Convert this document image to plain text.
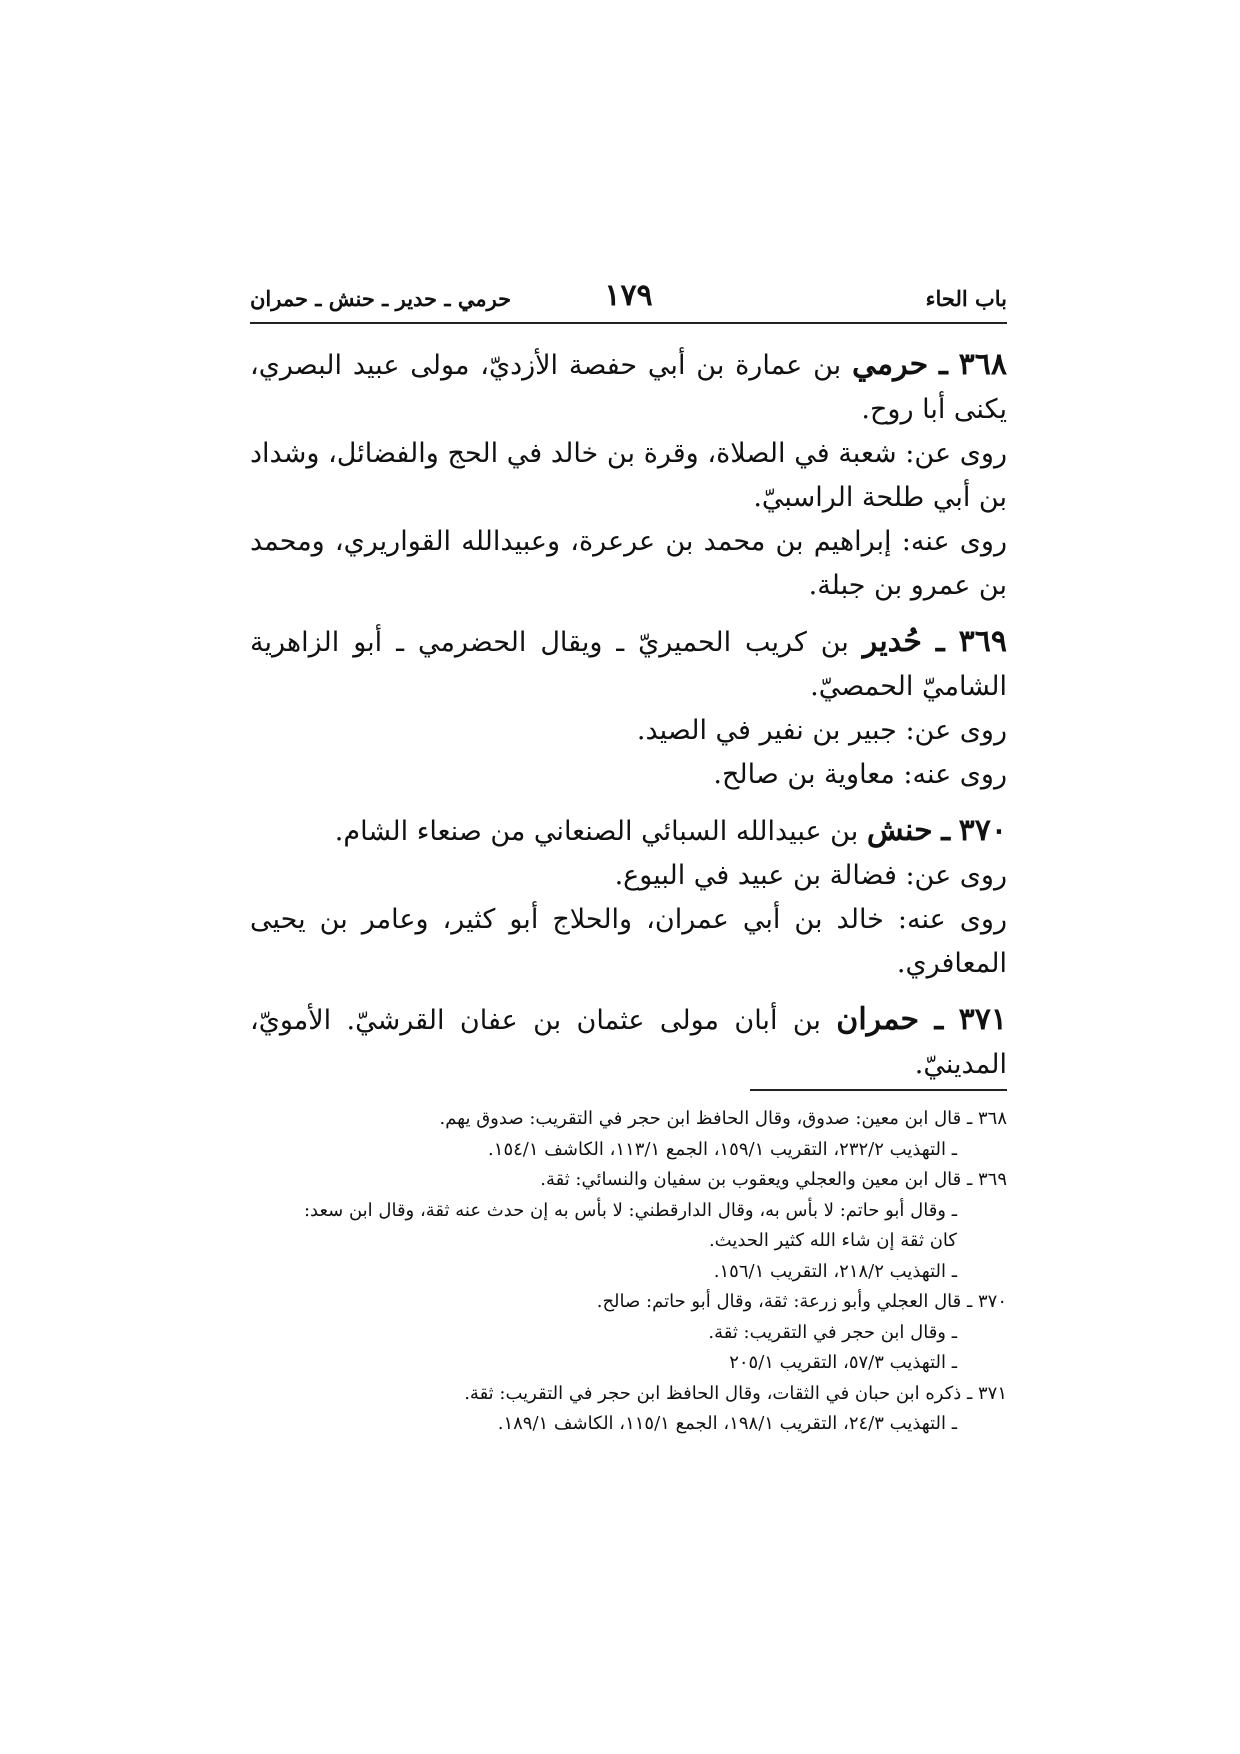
باب الحاء
١٧٩
حرمي ـ حدير ـ حنش ـ حمران

٣٦٨ ـ حرمي بن عمارة بن أبي حفصة الأزديّ، مولى عبيد البصري، يكنى أبا روح.

روى عن: شعبة في الصلاة، وقرة بن خالد في الحج والفضائل، وشداد بن أبي طلحة الراسبيّ.

روى عنه: إبراهيم بن محمد بن عرعرة، وعبيدالله القواريري، ومحمد بن عمرو بن جبلة.

٣٦٩ ـ حُدير بن كريب الحميريّ ـ ويقال الحضرمي ـ أبو الزاهرية الشاميّ الحمصيّ.

روى عن: جبير بن نفير في الصيد.

روى عنه: معاوية بن صالح.

٣٧٠ ـ حنش بن عبيدالله السبائي الصنعاني من صنعاء الشام.

روى عن: فضالة بن عبيد في البيوع.

روى عنه: خالد بن أبي عمران، والحلاج أبو كثير، وعامر بن يحيى المعافري.

٣٧١ ـ حمران بن أبان مولى عثمان بن عفان القرشيّ. الأمويّ، المدينيّ.

٣٦٨ ـ قال ابن معين: صدوق، وقال الحافظ ابن حجر في التقريب: صدوق يهم.

ـ التهذيب ٢٣٢/٢، التقريب ١٥٩/١، الجمع ١١٣/١، الكاشف ١٥٤/١.

٣٦٩ ـ قال ابن معين والعجلي ويعقوب بن سفيان والنسائي: ثقة.

ـ وقال أبو حاتم: لا بأس به، وقال الدارقطني: لا بأس به إن حدث عنه ثقة، وقال ابن سعد:

كان ثقة إن شاء الله كثير الحديث.

ـ التهذيب ٢١٨/٢، التقريب ١٥٦/١.

٣٧٠ ـ قال العجلي وأبو زرعة: ثقة، وقال أبو حاتم: صالح.

ـ وقال ابن حجر في التقريب: ثقة.

ـ التهذيب ٥٧/٣، التقريب ٢٠٥/١

٣٧١ ـ ذكره ابن حبان في الثقات، وقال الحافظ ابن حجر في التقريب: ثقة.

ـ التهذيب ٢٤/٣، التقريب ١٩٨/١، الجمع ١١٥/١، الكاشف ١٨٩/١.
